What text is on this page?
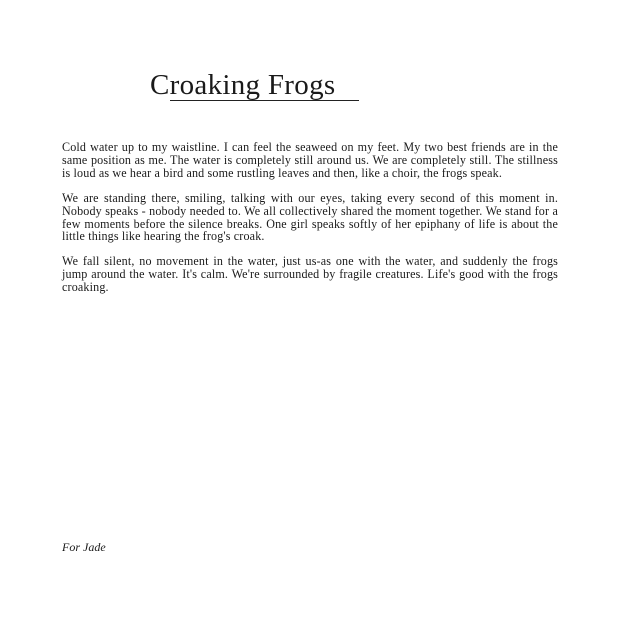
Croaking Frogs

Cold water up to my waistline. I can feel the seaweed on my feet. My two best friends are in the same position as me. The water is completely still around us. We are completely still. The stillness is loud as we hear a bird and some rustling leaves and then, like a choir, the frogs speak.

We are standing there, smiling, talking with our eyes, taking every second of this moment in. Nobody speaks - nobody needed to. We all collectively shared the moment together. We stand for a few moments before the silence breaks. One girl speaks softly of her epiphany of life is about the little things like hearing the frog's croak.

We fall silent, no movement in the water, just us-as one with the water, and suddenly the frogs jump around the water. It's calm. We're surrounded by fragile creatures. Life's good with the frogs croaking.

For Jade
